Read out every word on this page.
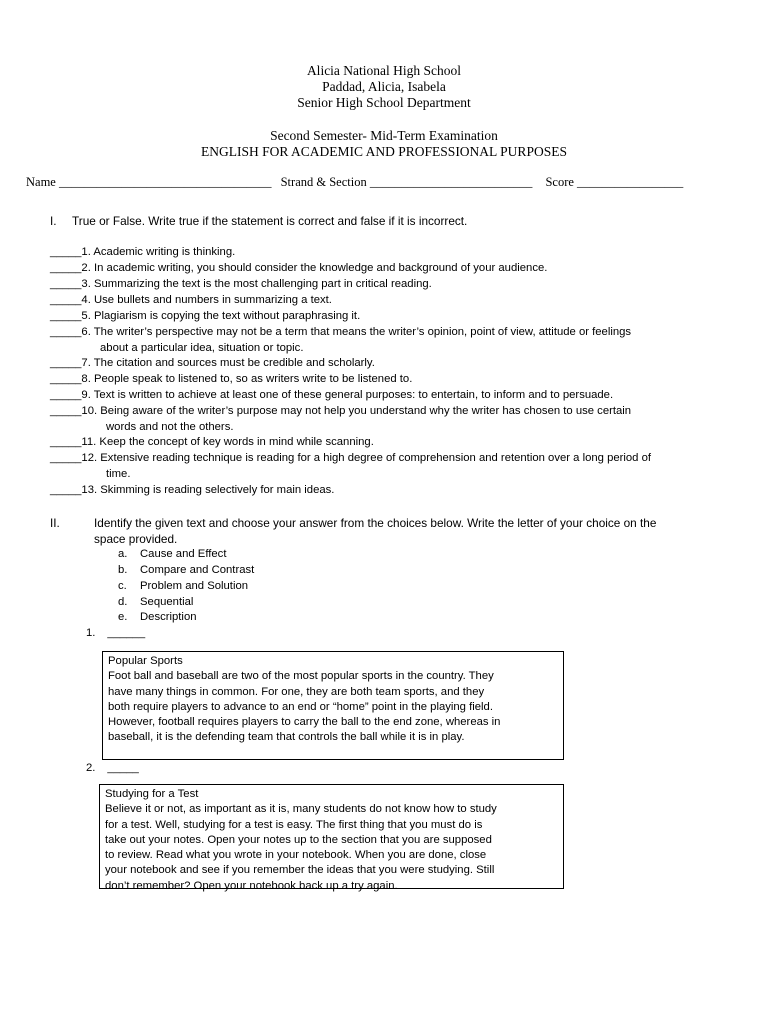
Alicia National High School
Paddad, Alicia, Isabela
Senior High School Department
Second Semester- Mid-Term Examination
ENGLISH FOR ACADEMIC AND PROFESSIONAL PURPOSES
Name __________________________________ Strand & Section __________________________ Score _________________
I. True or False. Write true if the statement is correct and false if it is incorrect.
_____1. Academic writing is thinking.
_____2. In academic writing, you should consider the knowledge and background of your audience.
_____3. Summarizing the text is the most challenging part in critical reading.
_____4. Use bullets and numbers in summarizing a text.
_____5. Plagiarism is copying the text without paraphrasing it.
_____6. The writer’s perspective may not be a term that means the writer’s opinion, point of view, attitude or feelings
about a particular idea, situation or topic.
_____7. The citation and sources must be credible and scholarly.
_____8. People speak to listened to, so as writers write to be listened to.
_____9. Text is written to achieve at least one of these general purposes: to entertain, to inform and to persuade.
_____10. Being aware of the writer’s purpose may not help you understand why the writer has chosen to use certain
words and not the others.
_____11. Keep the concept of key words in mind while scanning.
_____12. Extensive reading technique is reading for a high degree of comprehension and retention over a long period of
time.
_____13. Skimming is reading selectively for main ideas.
II.	Identify the given text and choose your answer from the choices below. Write the letter of your choice on the
space provided.
a. Cause and Effect
b. Compare and Contrast
c. Problem and Solution
d. Sequential
e. Description
1. ______
Popular Sports
Foot ball and baseball are two of the most popular sports in the country. They
have many things in common. For one, they are both team sports, and they
both require players to advance to an end or “home” point in the playing field.
However, football requires players to carry the ball to the end zone, whereas in
baseball, it is the defending team that controls the ball while it is in play.
2. _____
Studying for a Test
Believe it or not, as important as it is, many students do not know how to study
for a test. Well, studying for a test is easy. The first thing that you must do is
take out your notes. Open your notes up to the section that you are supposed
to review. Read what you wrote in your notebook. When you are done, close
your notebook and see if you remember the ideas that you were studying. Still
don’t remember? Open your notebook back up a try again.
